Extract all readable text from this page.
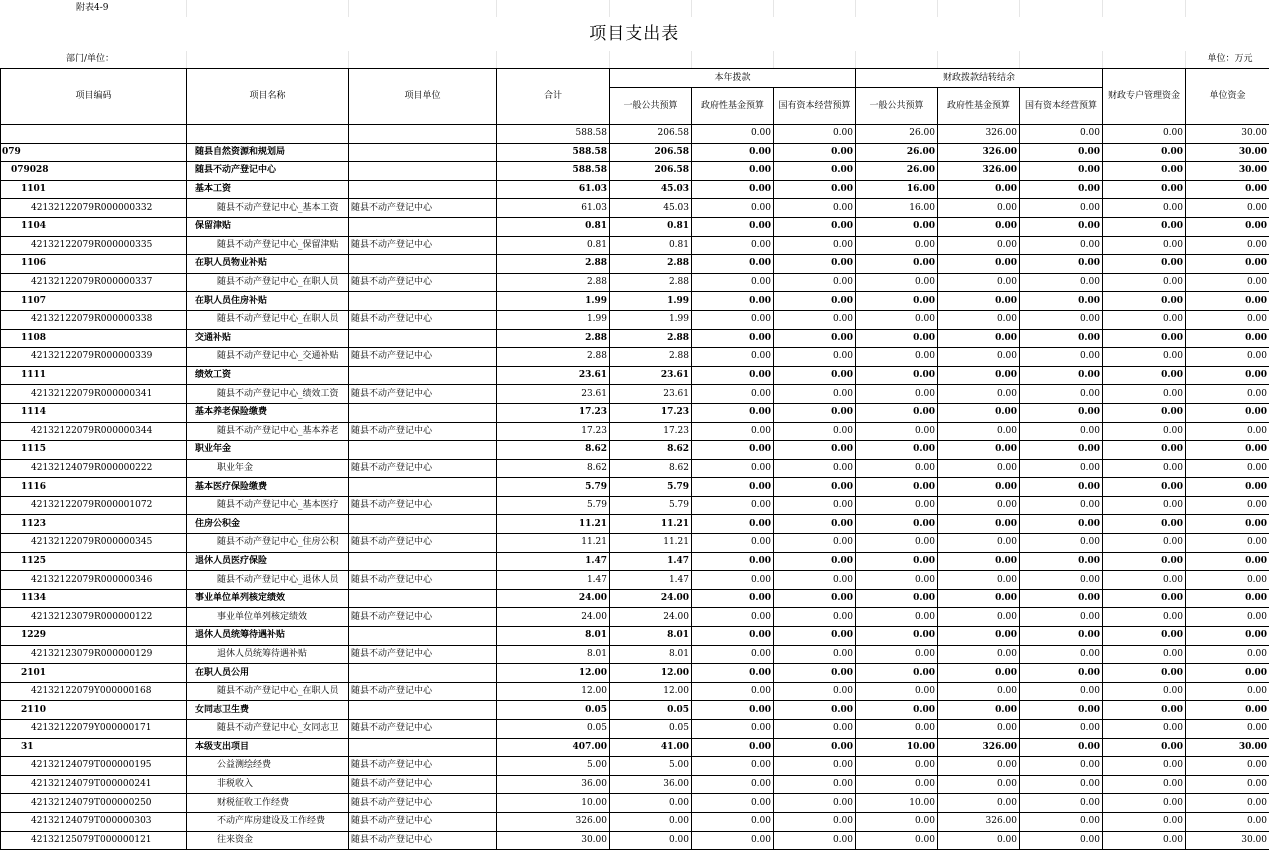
附表4-9											
项目支出表											
部门/单位：											单位：万元
项目编码	项目名称	项目单位	合计	本年拨款			财政拨款结转结余			财政专户管理资金	单位资金
				一般公共预算	政府性基金预算	国有资本经营预算	一般公共预算	政府性基金预算	国有资本经营预算		
			588.58	206.58	0.00	0.00	26.00	326.00	0.00	0.00	30.00
079	随县自然资源和规划局		588.58	206.58	0.00	0.00	26.00	326.00	0.00	0.00	30.00
079028	随县不动产登记中心		588.58	206.58	0.00	0.00	26.00	326.00	0.00	0.00	30.00
1101	基本工资		61.03	45.03	0.00	0.00	16.00	0.00	0.00	0.00	0.00
42132122079R000000332	随县不动产登记中心_基本工资	随县不动产登记中心	61.03	45.03	0.00	0.00	16.00	0.00	0.00	0.00	0.00
1104	保留津贴		0.81	0.81	0.00	0.00	0.00	0.00	0.00	0.00	0.00
42132122079R000000335	随县不动产登记中心_保留津贴	随县不动产登记中心	0.81	0.81	0.00	0.00	0.00	0.00	0.00	0.00	0.00
1106	在职人员物业补贴		2.88	2.88	0.00	0.00	0.00	0.00	0.00	0.00	0.00
42132122079R000000337	随县不动产登记中心_在职人员	随县不动产登记中心	2.88	2.88	0.00	0.00	0.00	0.00	0.00	0.00	0.00
1107	在职人员住房补贴		1.99	1.99	0.00	0.00	0.00	0.00	0.00	0.00	0.00
42132122079R000000338	随县不动产登记中心_在职人员	随县不动产登记中心	1.99	1.99	0.00	0.00	0.00	0.00	0.00	0.00	0.00
1108	交通补贴		2.88	2.88	0.00	0.00	0.00	0.00	0.00	0.00	0.00
42132122079R000000339	随县不动产登记中心_交通补贴	随县不动产登记中心	2.88	2.88	0.00	0.00	0.00	0.00	0.00	0.00	0.00
1111	绩效工资		23.61	23.61	0.00	0.00	0.00	0.00	0.00	0.00	0.00
42132122079R000000341	随县不动产登记中心_绩效工资	随县不动产登记中心	23.61	23.61	0.00	0.00	0.00	0.00	0.00	0.00	0.00
1114	基本养老保险缴费		17.23	17.23	0.00	0.00	0.00	0.00	0.00	0.00	0.00
42132122079R000000344	随县不动产登记中心_基本养老	随县不动产登记中心	17.23	17.23	0.00	0.00	0.00	0.00	0.00	0.00	0.00
1115	职业年金		8.62	8.62	0.00	0.00	0.00	0.00	0.00	0.00	0.00
42132124079R000000222	职业年金	随县不动产登记中心	8.62	8.62	0.00	0.00	0.00	0.00	0.00	0.00	0.00
1116	基本医疗保险缴费		5.79	5.79	0.00	0.00	0.00	0.00	0.00	0.00	0.00
42132122079R000001072	随县不动产登记中心_基本医疗	随县不动产登记中心	5.79	5.79	0.00	0.00	0.00	0.00	0.00	0.00	0.00
1123	住房公积金		11.21	11.21	0.00	0.00	0.00	0.00	0.00	0.00	0.00
42132122079R000000345	随县不动产登记中心_住房公积	随县不动产登记中心	11.21	11.21	0.00	0.00	0.00	0.00	0.00	0.00	0.00
1125	退休人员医疗保险		1.47	1.47	0.00	0.00	0.00	0.00	0.00	0.00	0.00
42132122079R000000346	随县不动产登记中心_退休人员	随县不动产登记中心	1.47	1.47	0.00	0.00	0.00	0.00	0.00	0.00	0.00
1134	事业单位单列核定绩效		24.00	24.00	0.00	0.00	0.00	0.00	0.00	0.00	0.00
42132123079R000000122	事业单位单列核定绩效	随县不动产登记中心	24.00	24.00	0.00	0.00	0.00	0.00	0.00	0.00	0.00
1229	退休人员统筹待遇补贴		8.01	8.01	0.00	0.00	0.00	0.00	0.00	0.00	0.00
42132123079R000000129	退休人员统筹待遇补贴	随县不动产登记中心	8.01	8.01	0.00	0.00	0.00	0.00	0.00	0.00	0.00
2101	在职人员公用		12.00	12.00	0.00	0.00	0.00	0.00	0.00	0.00	0.00
42132122079Y000000168	随县不动产登记中心_在职人员	随县不动产登记中心	12.00	12.00	0.00	0.00	0.00	0.00	0.00	0.00	0.00
2110	女同志卫生费		0.05	0.05	0.00	0.00	0.00	0.00	0.00	0.00	0.00
42132122079Y000000171	随县不动产登记中心_女同志卫	随县不动产登记中心	0.05	0.05	0.00	0.00	0.00	0.00	0.00	0.00	0.00
31	本级支出项目		407.00	41.00	0.00	0.00	10.00	326.00	0.00	0.00	30.00
42132124079T000000195	公益测绘经费	随县不动产登记中心	5.00	5.00	0.00	0.00	0.00	0.00	0.00	0.00	0.00
42132124079T000000241	非税收入	随县不动产登记中心	36.00	36.00	0.00	0.00	0.00	0.00	0.00	0.00	0.00
42132124079T000000250	财税征收工作经费	随县不动产登记中心	10.00	0.00	0.00	0.00	10.00	0.00	0.00	0.00	0.00
42132124079T000000303	不动产库房建设及工作经费	随县不动产登记中心	326.00	0.00	0.00	0.00	0.00	326.00	0.00	0.00	0.00
42132125079T000000121	往来资金	随县不动产登记中心	30.00	0.00	0.00	0.00	0.00	0.00	0.00	0.00	30.00
